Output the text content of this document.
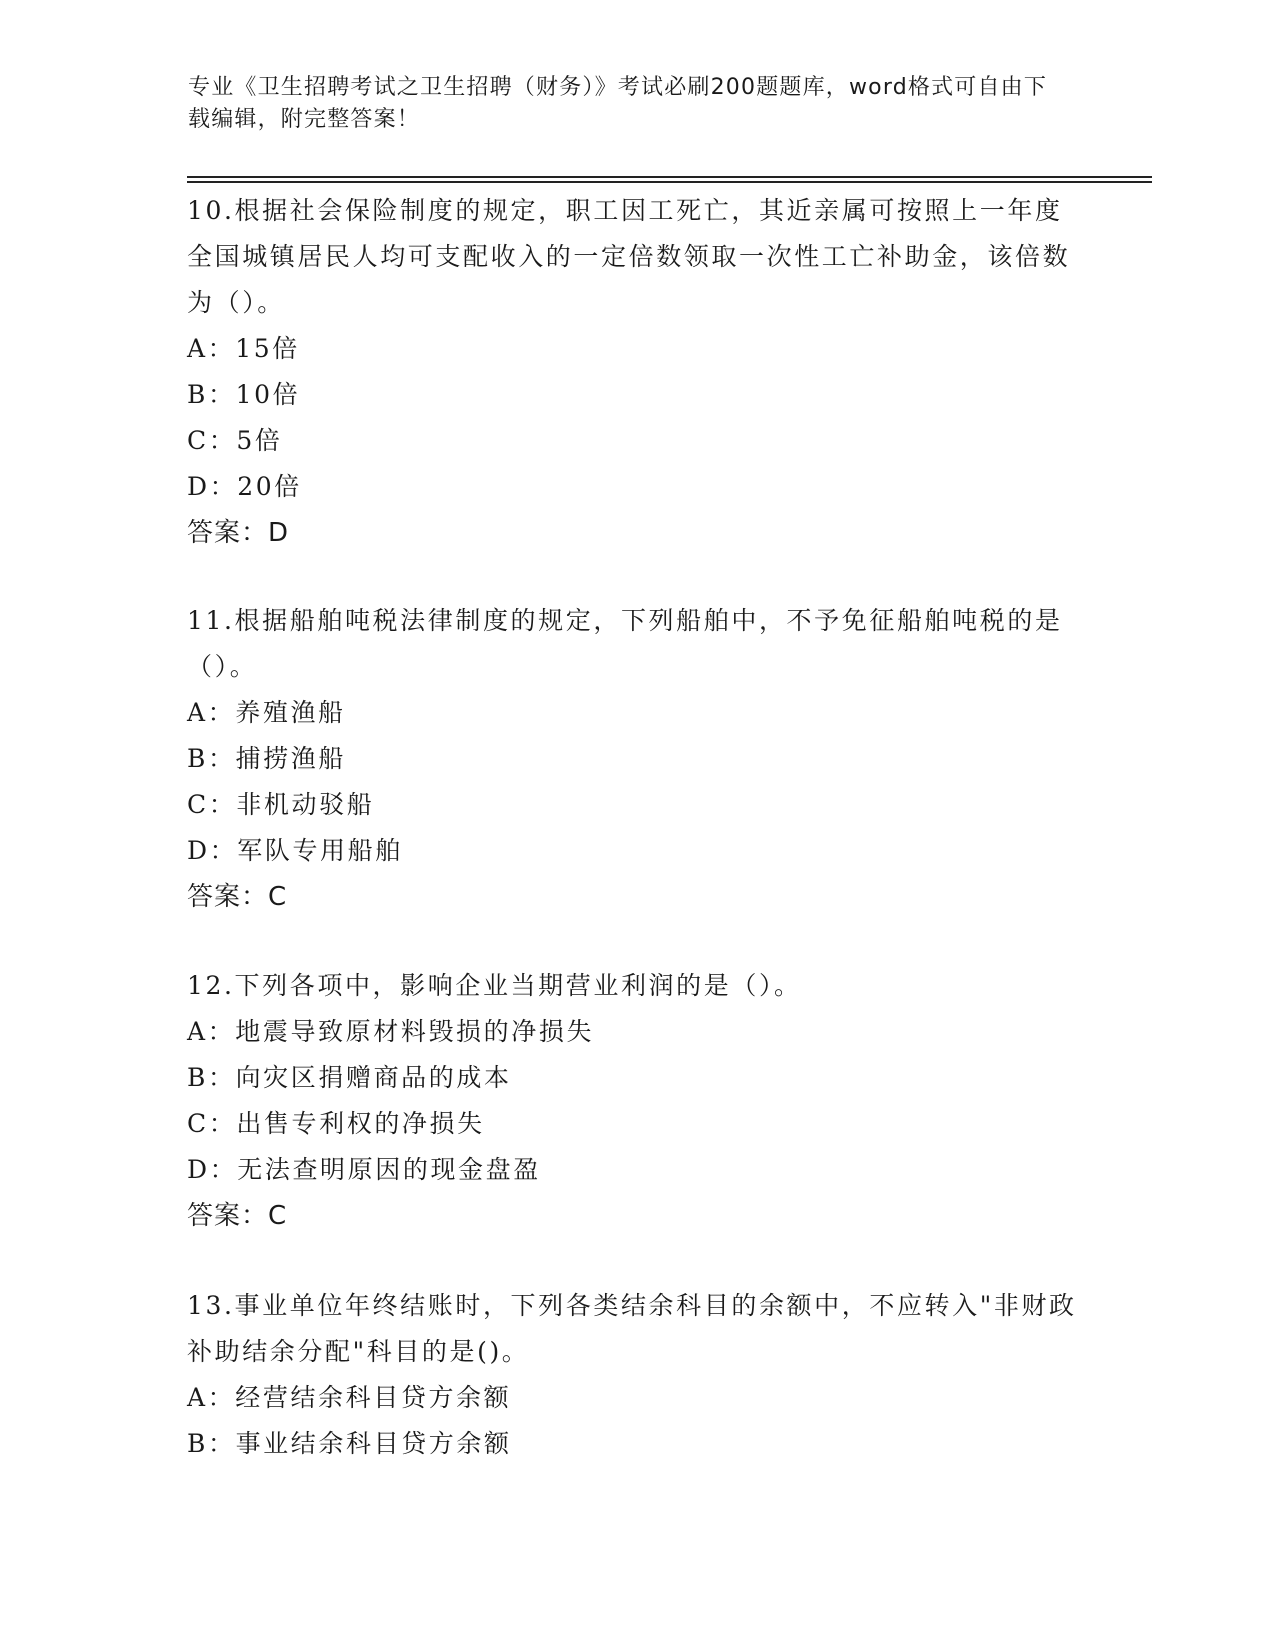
专业《卫生招聘考试之卫生招聘（财务）》考试必刷200题题库，word格式可自由下载编辑，附完整答案！
10.根据社会保险制度的规定，职工因工死亡，其近亲属可按照上一年度全国城镇居民人均可支配收入的一定倍数领取一次性工亡补助金，该倍数为（）。
A：15倍
B：10倍
C：5倍
D：20倍
答案：D
11.根据船舶吨税法律制度的规定，下列船舶中，不予免征船舶吨税的是（）。
A：养殖渔船
B：捕捞渔船
C：非机动驳船
D：军队专用船舶
答案：C
12.下列各项中，影响企业当期营业利润的是（）。
A：地震导致原材料毁损的净损失
B：向灾区捐赠商品的成本
C：出售专利权的净损失
D：无法查明原因的现金盘盈
答案：C
13.事业单位年终结账时，下列各类结余科目的余额中，不应转入"非财政补助结余分配"科目的是()。
A：经营结余科目贷方余额
B：事业结余科目贷方余额
